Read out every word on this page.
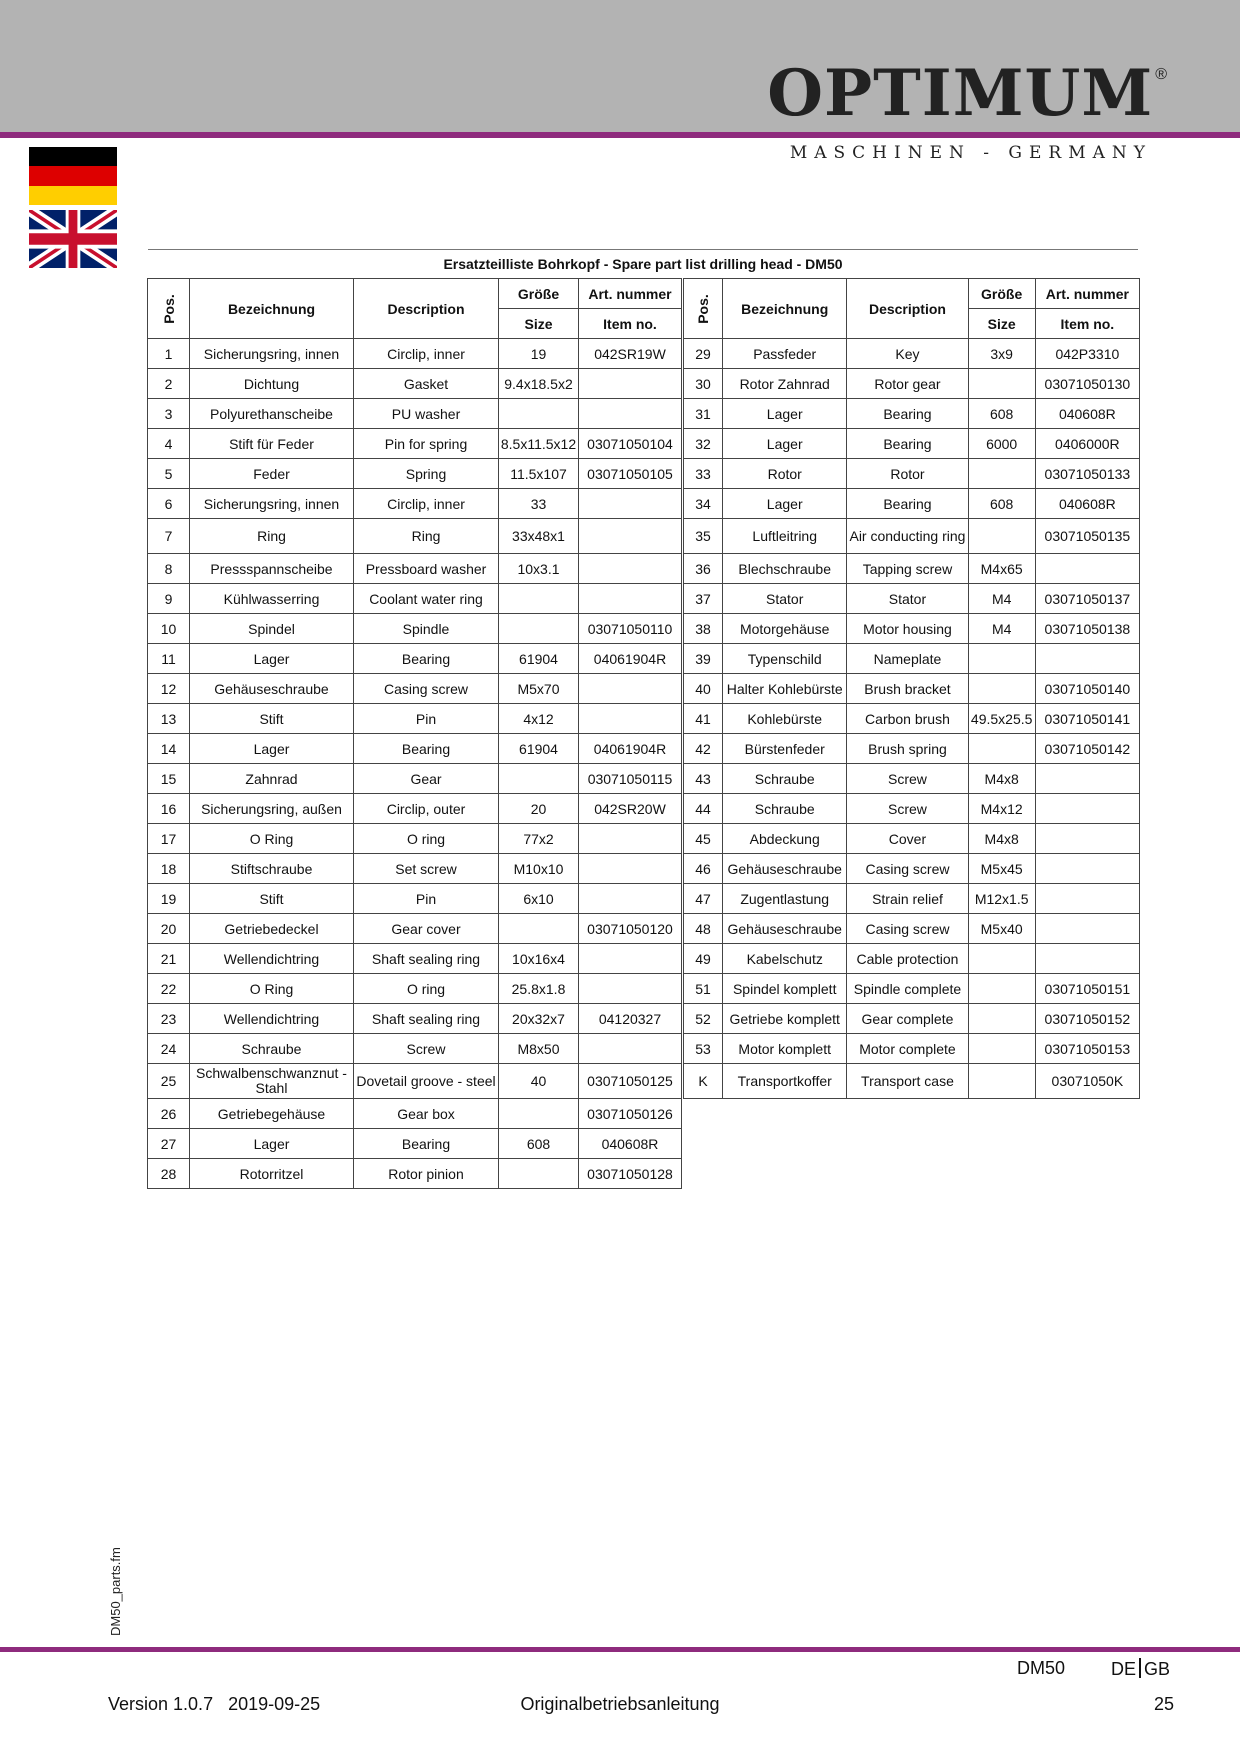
OPTIMUM ®
MASCHINEN - GERMANY
DM50_parts.fm
Ersatzteilliste Bohrkopf - Spare part list drilling head - DM50
Pos.	Bezeichnung	Description	Größe	Art. nummer
			Size	Item no.
1	Sicherungsring, innen	Circlip, inner	19	042SR19W
2	Dichtung	Gasket	9.4x18.5x2	
3	Polyurethanscheibe	PU washer		
4	Stift für Feder	Pin for spring	8.5x11.5x12	03071050104
5	Feder	Spring	11.5x107	03071050105
6	Sicherungsring, innen	Circlip, inner	33	
7	Ring	Ring	33x48x1	
8	Pressspannscheibe	Pressboard washer	10x3.1	
9	Kühlwasserring	Coolant water ring		
10	Spindel	Spindle		03071050110
11	Lager	Bearing	61904	04061904R
12	Gehäuseschraube	Casing screw	M5x70	
13	Stift	Pin	4x12	
14	Lager	Bearing	61904	04061904R
15	Zahnrad	Gear		03071050115
16	Sicherungsring, außen	Circlip, outer	20	042SR20W
17	O Ring	O ring	77x2	
18	Stiftschraube	Set screw	M10x10	
19	Stift	Pin	6x10	
20	Getriebedeckel	Gear cover		03071050120
21	Wellendichtring	Shaft sealing ring	10x16x4	
22	O Ring	O ring	25.8x1.8	
23	Wellendichtring	Shaft sealing ring	20x32x7	04120327
24	Schraube	Screw	M8x50	
25	Schwalbenschwanznut - Stahl	Dovetail groove - steel	40	03071050125
26	Getriebegehäuse	Gear box		03071050126
27	Lager	Bearing	608	040608R
28	Rotorritzel	Rotor pinion		03071050128
Pos.	Bezeichnung	Description	Größe	Art. nummer
			Size	Item no.
29	Passfeder	Key	3x9	042P3310
30	Rotor Zahnrad	Rotor gear		03071050130
31	Lager	Bearing	608	040608R
32	Lager	Bearing	6000	0406000R
33	Rotor	Rotor		03071050133
34	Lager	Bearing	608	040608R
35	Luftleitring	Air conducting ring		03071050135
36	Blechschraube	Tapping screw	M4x65	
37	Stator	Stator	M4	03071050137
38	Motorgehäuse	Motor housing	M4	03071050138
39	Typenschild	Nameplate		
40	Halter Kohlebürste	Brush bracket		03071050140
41	Kohlebürste	Carbon brush	49.5x25.5	03071050141
42	Bürstenfeder	Brush spring		03071050142
43	Schraube	Screw	M4x8	
44	Schraube	Screw	M4x12	
45	Abdeckung	Cover	M4x8	
46	Gehäuseschraube	Casing screw	M5x45	
47	Zugentlastung	Strain relief	M12x1.5	
48	Gehäuseschraube	Casing screw	M5x40	
49	Kabelschutz	Cable protection		
51	Spindel komplett	Spindle complete		03071050151
52	Getriebe komplett	Gear complete		03071050152
53	Motor komplett	Motor complete		03071050153
K	Transportkoffer	Transport case		03071050K
DM50	DE GB
Version 1.0.7   2019-09-25	Originalbetriebsanleitung	25
